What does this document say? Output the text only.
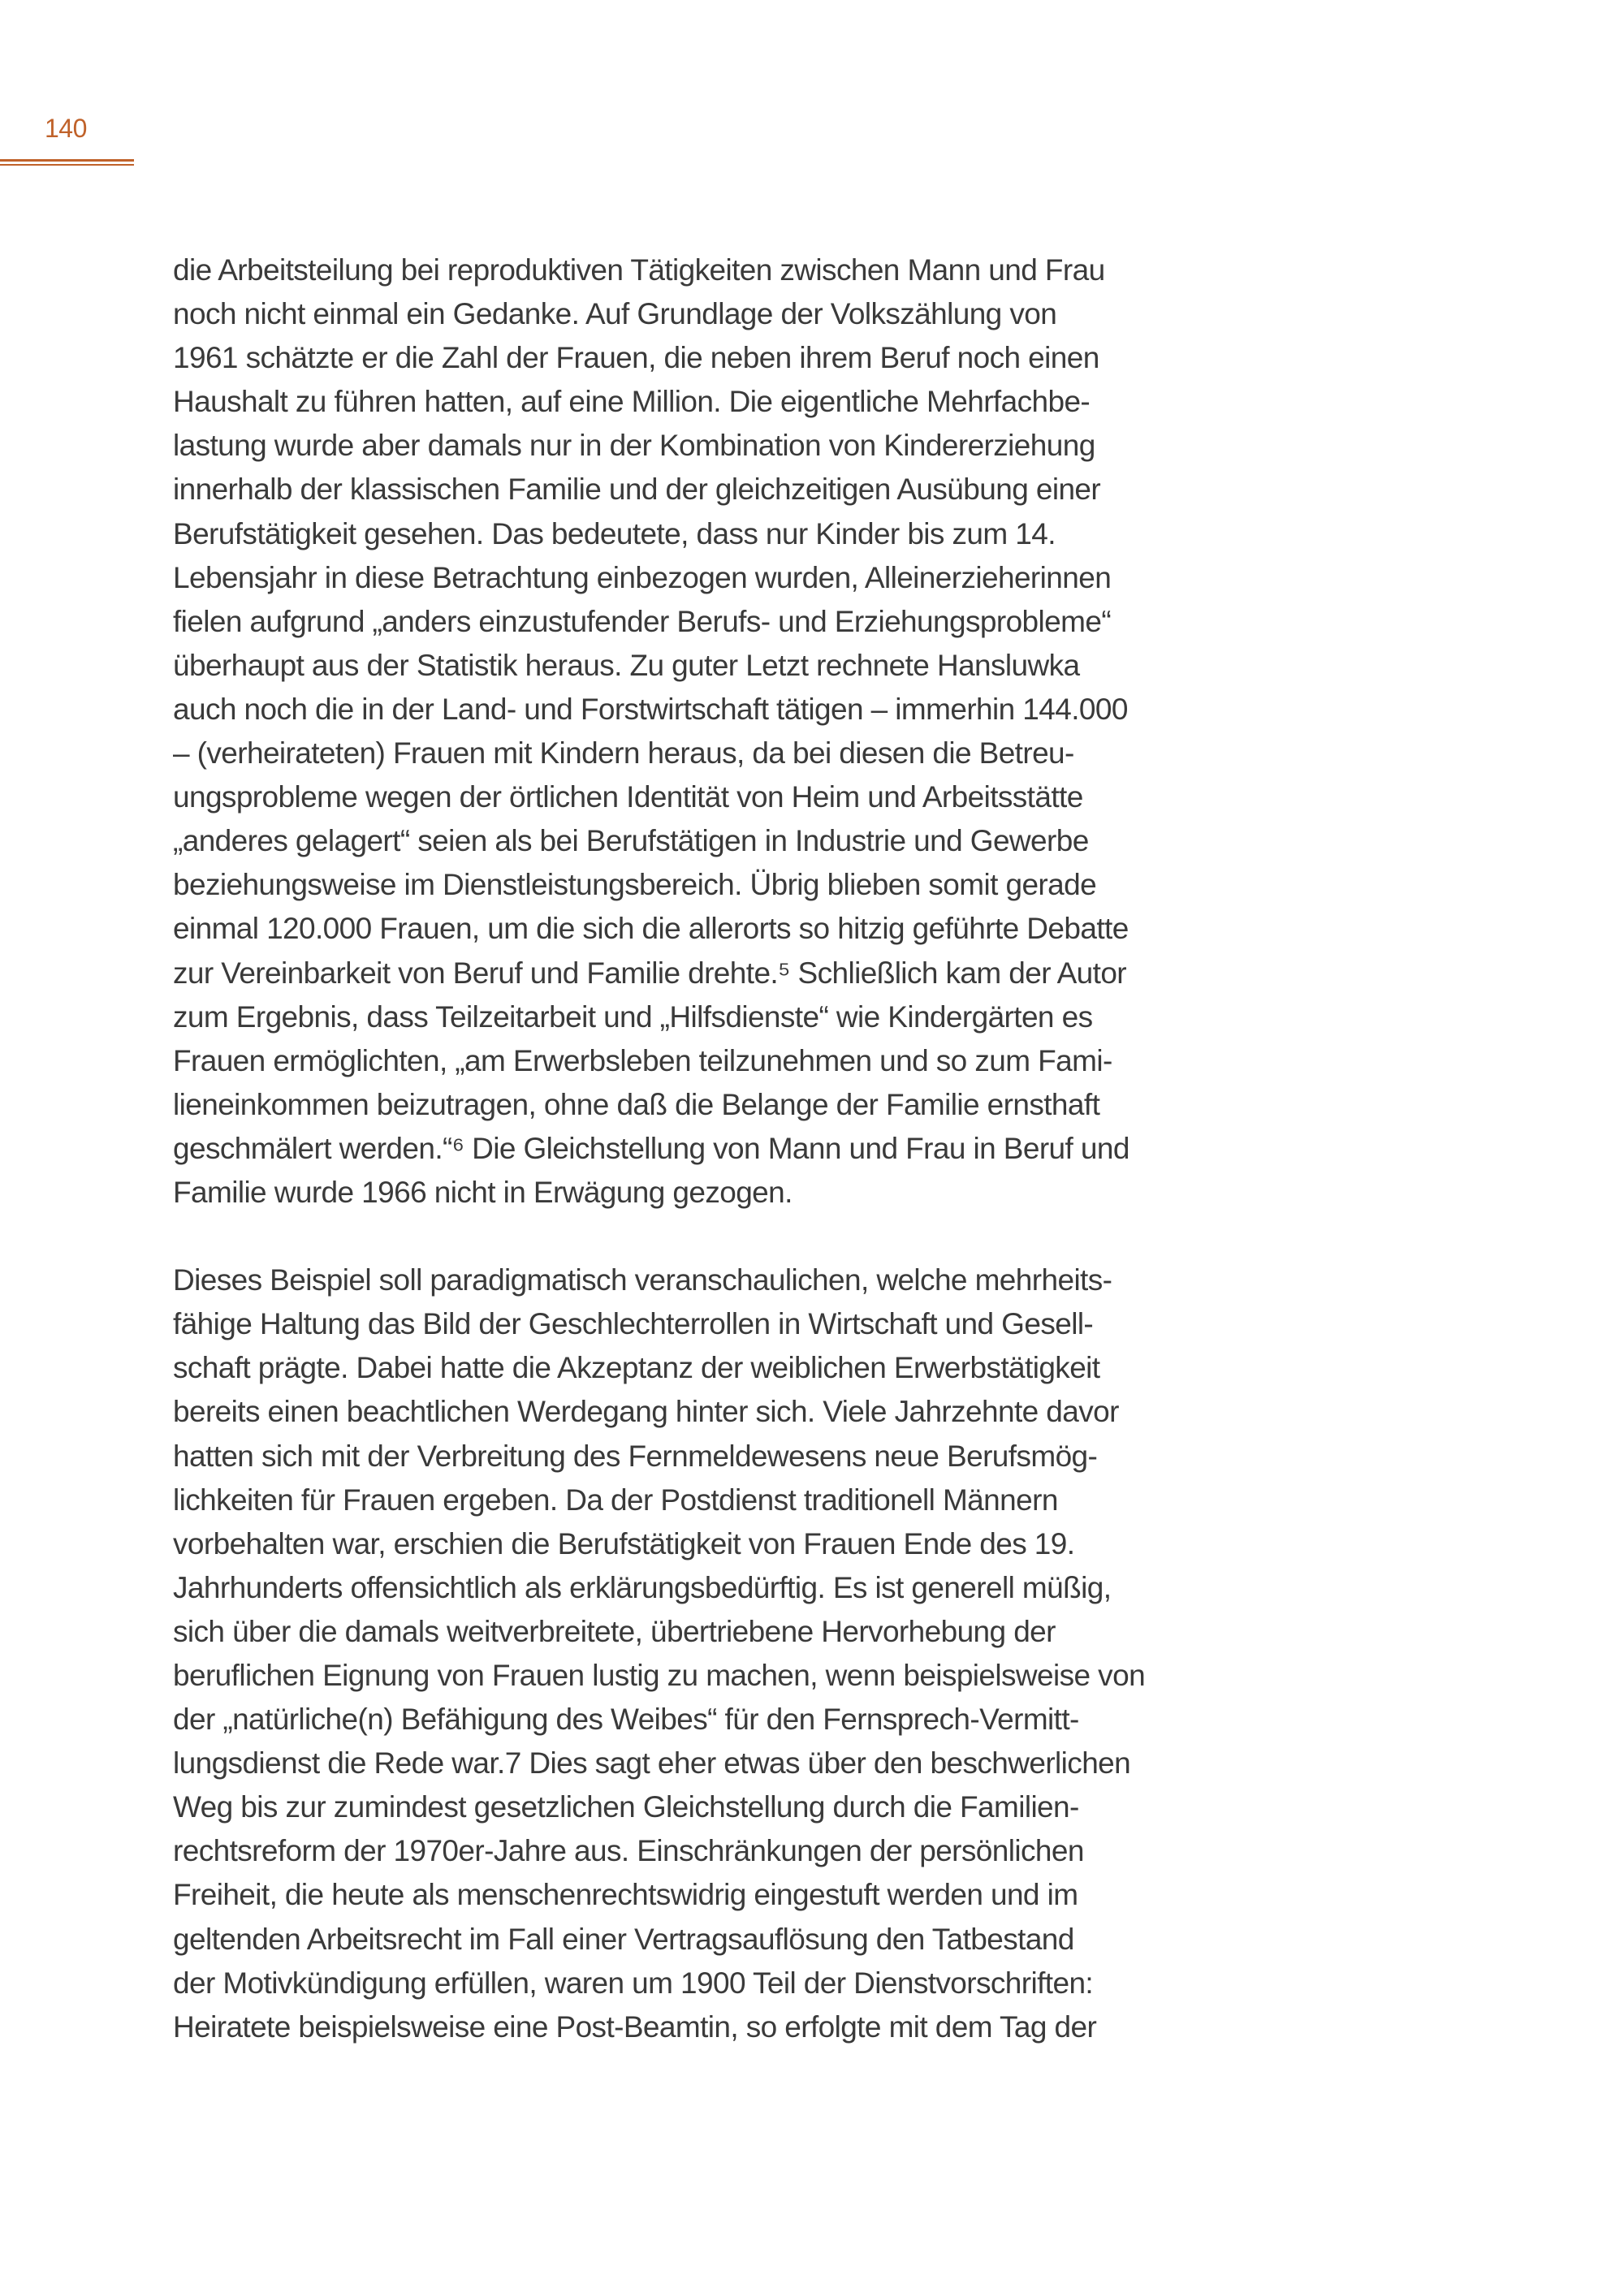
140
die Arbeitsteilung bei reproduktiven Tätigkeiten zwischen Mann und Frau
noch nicht einmal ein Gedanke. Auf Grundlage der Volkszählung von
1961 schätzte er die Zahl der Frauen, die neben ihrem Beruf noch einen
Haushalt zu führen hatten, auf eine Million. Die eigentliche Mehrfachbe-
lastung wurde aber damals nur in der Kombination von Kindererziehung
innerhalb der klassischen Familie und der gleichzeitigen Ausübung einer
Berufstätigkeit gesehen. Das bedeutete, dass nur Kinder bis zum 14.
Lebensjahr in diese Betrachtung einbezogen wurden, Alleinerzieherinnen
fielen aufgrund „anders einzustufender Berufs- und Erziehungsprobleme“
überhaupt aus der Statistik heraus. Zu guter Letzt rechnete Hansluwka
auch noch die in der Land- und Forstwirtschaft tätigen – immerhin 144.000
– (verheirateten) Frauen mit Kindern heraus, da bei diesen die Betreu-
ungsprobleme wegen der örtlichen Identität von Heim und Arbeitsstätte
„anderes gelagert“ seien als bei Berufstätigen in Industrie und Gewerbe
beziehungsweise im Dienstleistungsbereich. Übrig blieben somit gerade
einmal 120.000 Frauen, um die sich die allerorts so hitzig geführte Debatte
zur Vereinbarkeit von Beruf und Familie drehte.⁵ Schließlich kam der Autor
zum Ergebnis, dass Teilzeitarbeit und „Hilfsdienste“ wie Kindergärten es
Frauen ermöglichten, „am Erwerbsleben teilzunehmen und so zum Fami-
lieneinkommen beizutragen, ohne daß die Belange der Familie ernsthaft
geschmälert werden.“⁶ Die Gleichstellung von Mann und Frau in Beruf und
Familie wurde 1966 nicht in Erwägung gezogen.
Dieses Beispiel soll paradigmatisch veranschaulichen, welche mehrheits-
fähige Haltung das Bild der Geschlechterrollen in Wirtschaft und Gesell-
schaft prägte. Dabei hatte die Akzeptanz der weiblichen Erwerbstätigkeit
bereits einen beachtlichen Werdegang hinter sich. Viele Jahrzehnte davor
hatten sich mit der Verbreitung des Fernmeldewesens neue Berufsmög-
lichkeiten für Frauen ergeben. Da der Postdienst traditionell Männern
vorbehalten war, erschien die Berufstätigkeit von Frauen Ende des 19.
Jahrhunderts offensichtlich als erklärungsbedürftig. Es ist generell müßig,
sich über die damals weitverbreitete, übertriebene Hervorhebung der
beruflichen Eignung von Frauen lustig zu machen, wenn beispielsweise von
der „natürliche(n) Befähigung des Weibes“ für den Fernsprech-Vermitt-
lungsdienst die Rede war.7 Dies sagt eher etwas über den beschwerlichen
Weg bis zur zumindest gesetzlichen Gleichstellung durch die Familien-
rechtsreform der 1970er-Jahre aus. Einschränkungen der persönlichen
Freiheit, die heute als menschenrechtswidrig eingestuft werden und im
geltenden Arbeitsrecht im Fall einer Vertragsauflösung den Tatbestand
der Motivkündigung erfüllen, waren um 1900 Teil der Dienstvorschriften:
Heiratete beispielsweise eine Post-Beamtin, so erfolgte mit dem Tag der
